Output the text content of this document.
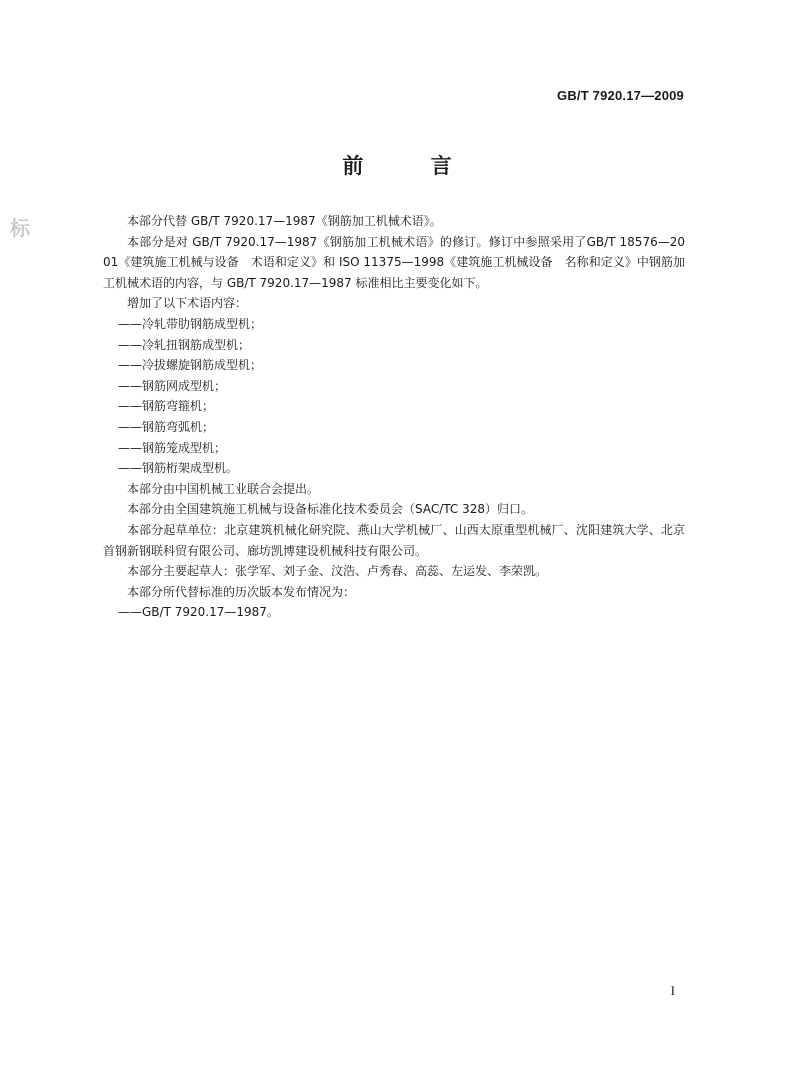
GB/T 7920.17—2009
前 言
标	本部分代替 GB/T 7920.17—1987《钢筋加工机械术语》。

本部分是对 GB/T 7920.17—1987《钢筋加工机械术语》的修订。修订中参照采用了GB/T 18576—2001《建筑施工机械与设备　术语和定义》和 ISO 11375—1998《建筑施工机械设备　名称和定义》中钢筋加工机械术语的内容，与 GB/T 7920.17—1987 标准相比主要变化如下。

增加了以下术语内容：

——冷轧带肋钢筋成型机；

——冷轧扭钢筋成型机；

——冷拔螺旋钢筋成型机；

——钢筋网成型机；

——钢筋弯箍机；

——钢筋弯弧机；

——钢筋笼成型机；

——钢筋桁架成型机。

本部分由中国机械工业联合会提出。

本部分由全国建筑施工机械与设备标准化技术委员会（SAC/TC 328）归口。

本部分起草单位：北京建筑机械化研究院、燕山大学机械厂、山西太原重型机械厂、沈阳建筑大学、北京首钢新钢联科贸有限公司、廊坊凯博建设机械科技有限公司。

本部分主要起草人：张学军、刘子金、汶浩、卢秀春、高蕊、左运发、李荣凯。

本部分所代替标准的历次版本发布情况为：

——GB/T 7920.17—1987。

I
